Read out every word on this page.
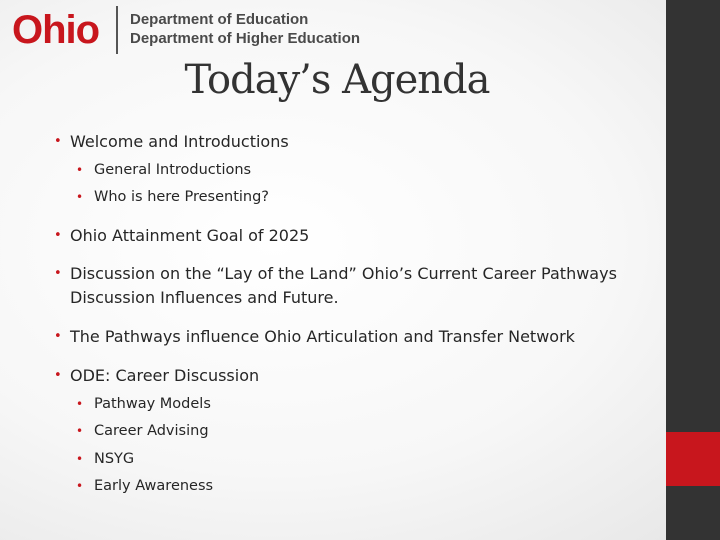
Ohio Department of Education
Department of Higher Education
Today’s Agenda
• Welcome and Introductions
• General Introductions
• Who is here Presenting?
• Ohio Attainment Goal of 2025
• Discussion on the “Lay of the Land” Ohio’s Current Career Pathways
Discussion Influences and Future.
• The Pathways influence Ohio Articulation and Transfer Network
• ODE: Career Discussion
• Pathway Models
• Career Advising
• NSYG
• Early Awareness
